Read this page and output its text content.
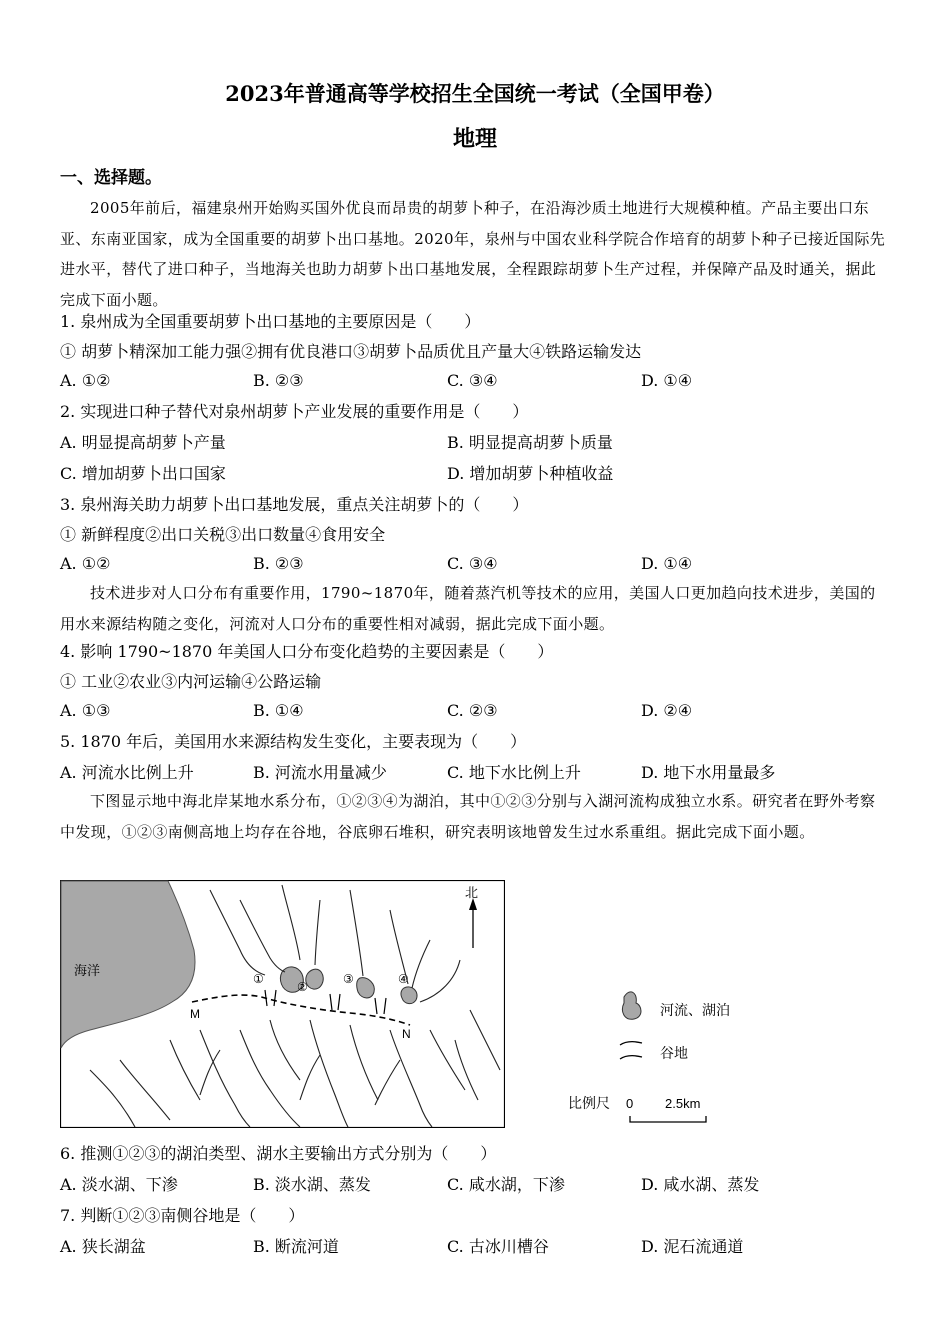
2023年普通高等学校招生全国统一考试（全国甲卷）
地理
一、选择题。
2005年前后，福建泉州开始购买国外优良而昂贵的胡萝卜种子，在沿海沙质土地进行大规模种植。产品主要出口东亚、东南亚国家，成为全国重要的胡萝卜出口基地。2020年，泉州与中国农业科学院合作培育的胡萝卜种子已接近国际先进水平，替代了进口种子，当地海关也助力胡萝卜出口基地发展，全程跟踪胡萝卜生产过程，并保障产品及时通关，据此完成下面小题。
1. 泉州成为全国重要胡萝卜出口基地的主要原因是（　　）
① 胡萝卜精深加工能力强②拥有优良港口③胡萝卜品质优且产量大④铁路运输发达
A. ①②	B. ②③	C. ③④	D. ①④
2. 实现进口种子替代对泉州胡萝卜产业发展的重要作用是（　　）
A. 明显提高胡萝卜产量	B. 明显提高胡萝卜质量
C. 增加胡萝卜出口国家	D. 增加胡萝卜种植收益
3. 泉州海关助力胡萝卜出口基地发展，重点关注胡萝卜的（　　）
① 新鲜程度②出口关税③出口数量④食用安全
A. ①②	B. ②③	C. ③④	D. ①④
技术进步对人口分布有重要作用，1790~1870年，随着蒸汽机等技术的应用，美国人口更加趋向技术进步，美国的用水来源结构随之变化，河流对人口分布的重要性相对减弱，据此完成下面小题。
4. 影响 1790~1870 年美国人口分布变化趋势的主要因素是（　　）
① 工业②农业③内河运输④公路运输
A. ①③	B. ①④	C. ②③	D. ②④
5. 1870 年后，美国用水来源结构发生变化，主要表现为（　　）
A. 河流水比例上升	B. 河流水用量减少	C. 地下水比例上升	D. 地下水用量最多
下图显示地中海北岸某地水系分布，①②③④为湖泊，其中①②③分别与入湖河流构成独立水系。研究者在野外考察中发现，①②③南侧高地上均存在谷地，谷底卵石堆积，研究表明该地曾发生过水系重组。据此完成下面小题。
海洋
北
①
②
③	④
M
N
河流、湖泊
谷地
比例尺 0 2.5km
6. 推测①②③的湖泊类型、湖水主要输出方式分别为（　　）
A. 淡水湖、下渗	B. 淡水湖、蒸发	C. 咸水湖，下渗	D. 咸水湖、蒸发
7. 判断①②③南侧谷地是（　　）
A. 狭长湖盆	B. 断流河道	C. 古冰川槽谷	D. 泥石流通道
